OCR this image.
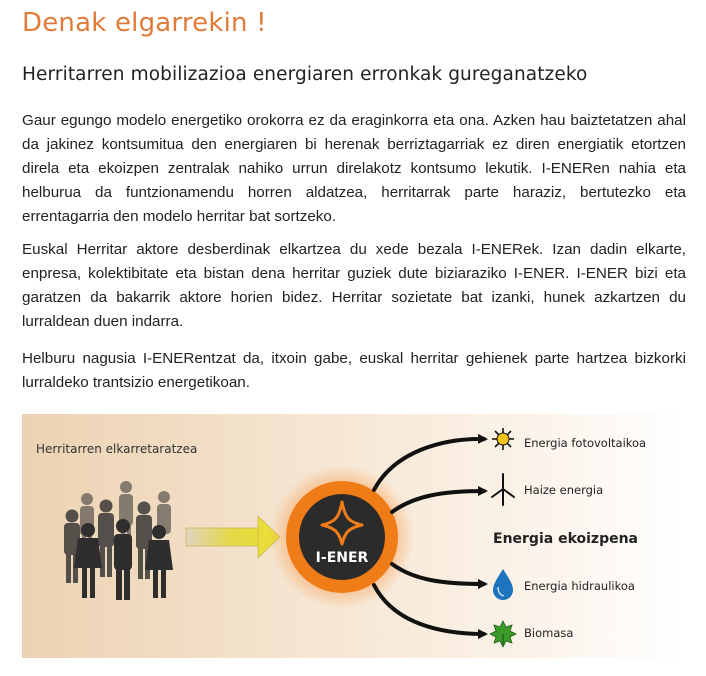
Denak elgarrekin !
Herritarren mobilizazioa energiaren erronkak gureganatzeko

Gaur egungo modelo energetiko orokorra ez da eraginkorra eta ona. Azken hau baiztetatzen ahal da jakinez kontsumitua den energiaren bi herenak berriztagarriak ez diren energiatik etortzen direla eta ekoizpen zentralak nahiko urrun direlakotz kontsumo lekutik. I-ENERen nahia eta helburua da funtzionamendu horren aldatzea, herritarrak parte haraziz, bertutezko eta errentagarria den modelo herritar bat sortzeko.

Euskal Herritar aktore desberdinak elkartzea du xede bezala I-ENERek. Izan dadin elkarte, enpresa, kolektibitate eta bistan dena herritar guziek dute biziaraziko I-ENER. I-ENER bizi eta garatzen da bakarrik aktore horien bidez. Herritar sozietate bat izanki, hunek azkartzen du lurraldean duen indarra.

Helburu nagusia I-ENERentzat da, itxoin gabe, euskal herritar gehienek parte hartzea bizkorki lurraldeko trantsizio energetikoan.

Herritarren elkarretaratzea
I-ENER
Energia fotovoltaikoa
Haize energia
Energia ekoizpena
Energia hidraulikoa
Biomasa
